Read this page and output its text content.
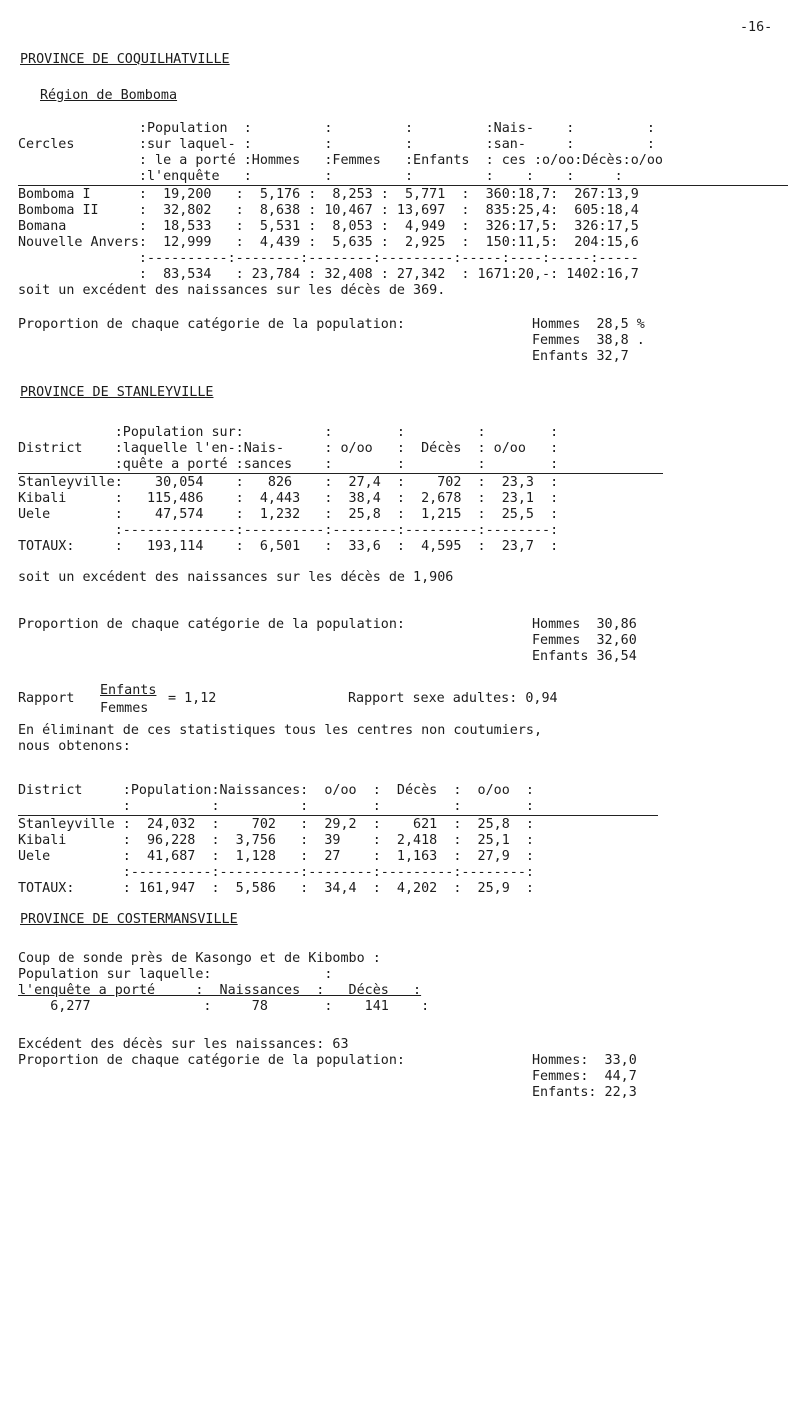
-16-
PROVINCE DE COQUILHATVILLE
Région de Bomboma
:Population  :         :         :         :Nais-    :         :
Cercles        :sur laquel- :         :         :         :san-     :         :
: le a porté :Hommes   :Femmes   :Enfants  : ces :o/oo:Décès:o/oo
:l'enquête   :         :         :         :    :    :     :
Bomboma I      :  19,200   :  5,176 :  8,253 :  5,771  :  360:18,7:  267:13,9
Bomboma II     :  32,802   :  8,638 : 10,467 : 13,697  :  835:25,4:  605:18,4
Bomana         :  18,533   :  5,531 :  8,053 :  4,949  :  326:17,5:  326:17,5
Nouvelle Anvers:  12,999   :  4,439 :  5,635 :  2,925  :  150:11,5:  204:15,6
:----------:--------:--------:---------:-----:----:-----:-----
:  83,534   : 23,784 : 32,408 : 27,342  : 1671:20,-: 1402:16,7
soit un excédent des naissances sur les décès de 369.
Proportion de chaque catégorie de la population:	Hommes  28,5 %
Femmes  38,8 .
Enfants 32,7
PROVINCE DE STANLEYVILLE
:Population sur:          :        :         :        :
District    :laquelle l'en-:Nais-     : o/oo   :  Décès  : o/oo   :
:quête a porté :sances    :        :         :        :
Stanleyville:    30,054    :   826    :  27,4  :    702  :  23,3  :
Kibali      :   115,486    :  4,443   :  38,4  :  2,678  :  23,1  :
Uele        :    47,574    :  1,232   :  25,8  :  1,215  :  25,5  :
:--------------:----------:--------:---------:--------:
TOTAUX:     :   193,114    :  6,501   :  33,6  :  4,595  :  23,7  :
soit un excédent des naissances sur les décès de 1,906
Proportion de chaque catégorie de la population:	Hommes  30,86
Femmes  32,60
Enfants 36,54
Rapport
Enfants
Femmes
= 1,12	Rapport sexe adultes: 0,94
En éliminant de ces statistiques tous les centres non coutumiers,
nous obtenons:
District     :Population:Naissances:  o/oo  :  Décès  :  o/oo  :
:          :          :        :         :        :
Stanleyville :  24,032  :    702   :  29,2  :    621  :  25,8  :
Kibali       :  96,228  :  3,756   :  39    :  2,418  :  25,1  :
Uele         :  41,687  :  1,128   :  27    :  1,163  :  27,9  :
:----------:----------:--------:---------:--------:
TOTAUX:      : 161,947  :  5,586   :  34,4  :  4,202  :  25,9  :
PROVINCE DE COSTERMANSVILLE
Coup de sonde près de Kasongo et de Kibombo :
Population sur laquelle:              :
l'enquête a porté     :  Naissances  :   Décès   :
6,277              :     78       :    141    :
Excédent des décès sur les naissances: 63
Proportion de chaque catégorie de la population:	Hommes:  33,0
Femmes:  44,7
Enfants: 22,3
